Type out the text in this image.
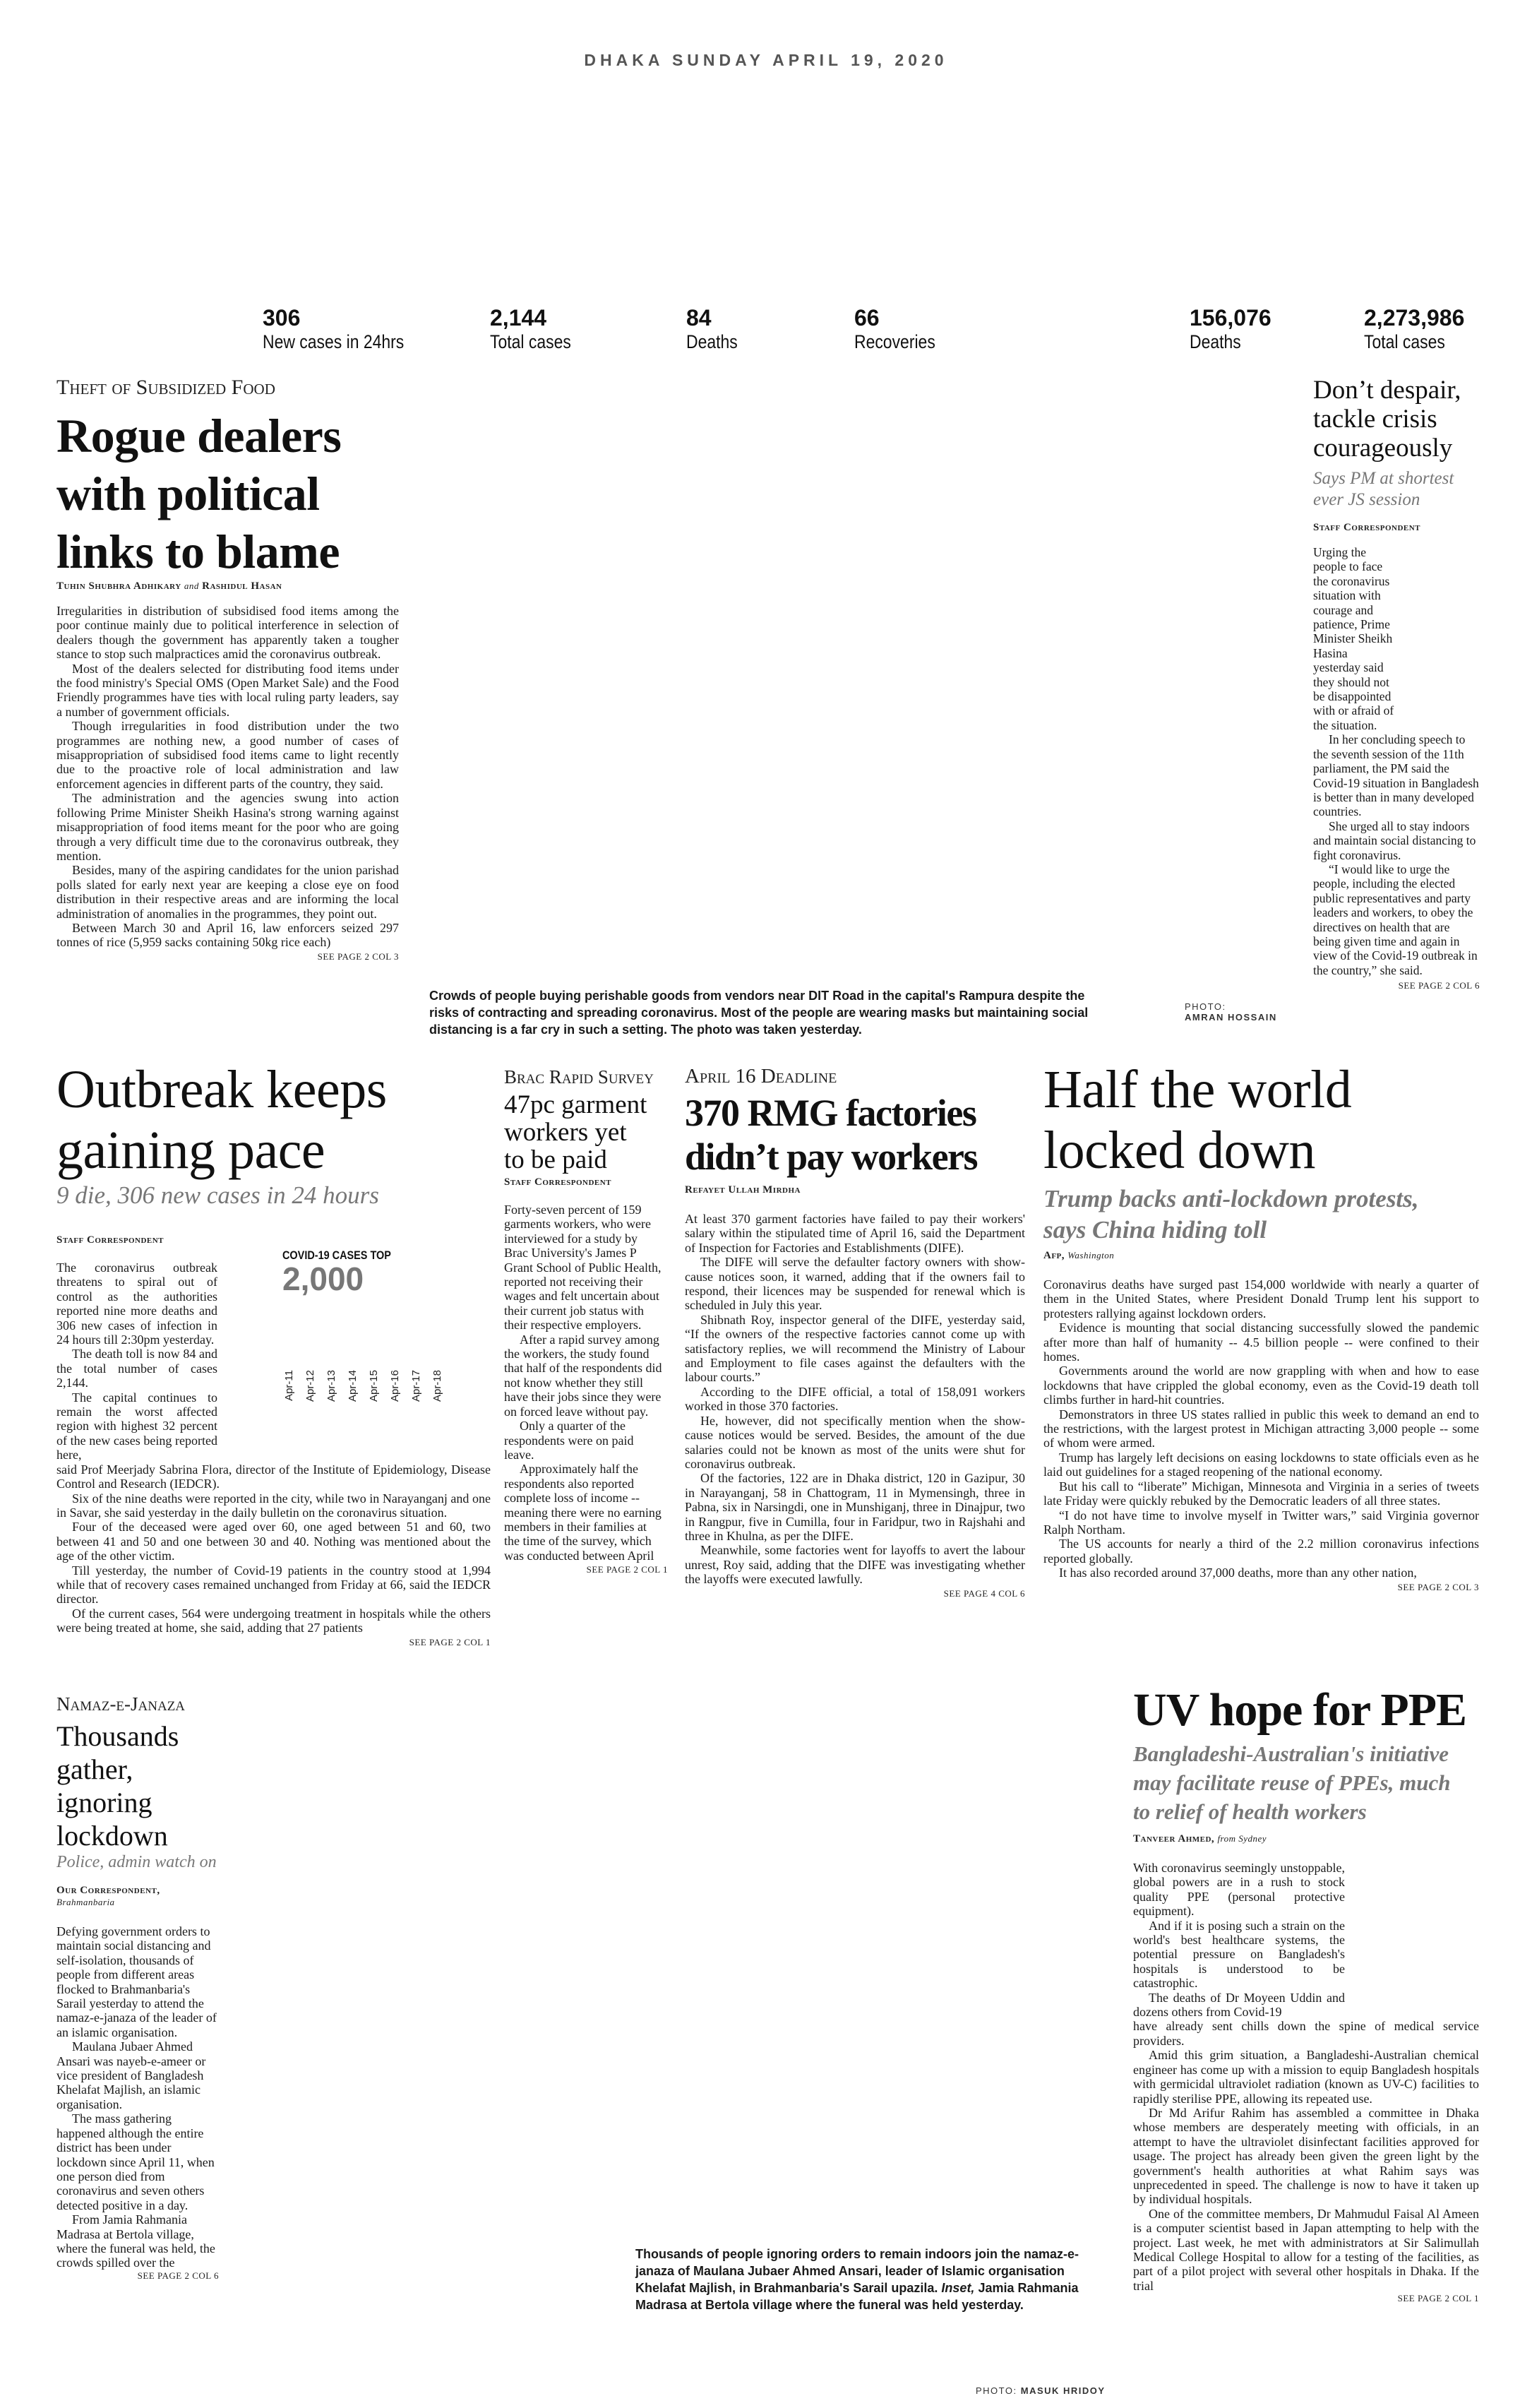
DHAKA SUNDAY APRIL 19, 2020
306
New cases in 24hrs
2,144
Total cases
84
Deaths
66
Recoveries
156,076
Deaths
2,273,986
Total cases
Theft of Subsidized Food
Rogue dealers
with political
links to blame
Tuhin Shubhra Adhikary and Rashidul Hasan

Irregularities in distribution of subsidised food items among the poor continue mainly due to political interference in selection of dealers though the government has apparently taken a tougher stance to stop such malpractices amid the coronavirus outbreak.

Most of the dealers selected for distributing food items under the food ministry's Special OMS (Open Market Sale) and the Food Friendly programmes have ties with local ruling party leaders, say a number of government officials.

Though irregularities in food distribution under the two programmes are nothing new, a good number of cases of misappropriation of subsidised food items came to light recently due to the proactive role of local administration and law enforcement agencies in different parts of the country, they said.

The administration and the agencies swung into action following Prime Minister Sheikh Hasina's strong warning against misappropriation of food items meant for the poor who are going through a very difficult time due to the coronavirus outbreak, they mention.

Besides, many of the aspiring candidates for the union parishad polls slated for early next year are keeping a close eye on food distribution in their respective areas and are informing the local administration of anomalies in the programmes, they point out.

Between March 30 and April 16, law enforcers seized 297 tonnes of rice (5,959 sacks containing 50kg rice each)

SEE PAGE 2 COL 3
Crowds of people buying perishable goods from vendors near DIT Road in the capital's Rampura despite the risks of contracting and spreading coronavirus. Most of the people are wearing masks but maintaining social distancing is a far cry in such a setting. The photo was taken yesterday.
PHOTO:
AMRAN HOSSAIN
Don’t despair,
tackle crisis
courageously
Says PM at shortest
ever JS session
Staff Correspondent

Urging the people to face the coronavirus situation with courage and patience, Prime Minister Sheikh Hasina yesterday said they should not be disappointed with or afraid of the situation.

In her concluding speech to the seventh session of the 11th parliament, the PM said the Covid-19 situation in Bangladesh is better than in many developed countries.

She urged all to stay indoors and maintain social distancing to fight coronavirus.

“I would like to urge the people, including the elected public representatives and party leaders and workers, to obey the directives on health that are being given time and again in view of the Covid-19 outbreak in the country,” she said.

SEE PAGE 2 COL 6
Outbreak keeps
gaining pace
9 die, 306 new cases in 24 hours
Staff Correspondent

The coronavirus outbreak threatens to spiral out of control as the authorities reported nine more deaths and 306 new cases of infection in 24 hours till 2:30pm yesterday.

The death toll is now 84 and the total number of cases 2,144.

The capital continues to remain the worst affected region with highest 32 percent of the new cases being reported here,

said Prof Meerjady Sabrina Flora, director of the Institute of Epidemiology, Disease Control and Research (IEDCR).

Six of the nine deaths were reported in the city, while two in Narayanganj and one in Savar, she said yesterday in the daily bulletin on the coronavirus situation.

Four of the deceased were aged over 60, one aged between 51 and 60, two between 41 and 50 and one between 30 and 40. Nothing was mentioned about the age of the other victim.

Till yesterday, the number of Covid-19 patients in the country stood at 1,994 while that of recovery cases remained unchanged from Friday at 66, said the IEDCR director.

Of the current cases, 564 were undergoing treatment in hospitals while the others were being treated at home, she said, adding that 27 patients

SEE PAGE 2 COL 1
COVID-19 CASES TOP
2,000
Apr-11 Apr-12 Apr-13 Apr-14 Apr-15 Apr-16 Apr-17 Apr-18
Brac Rapid Survey
47pc garment
workers yet
to be paid
Staff Correspondent

Forty-seven percent of 159 garments workers, who were interviewed for a study by Brac University's James P Grant School of Public Health, reported not receiving their wages and felt uncertain about their current job status with their respective employers.

After a rapid survey among the workers, the study found that half of the respondents did not know whether they still have their jobs since they were on forced leave without pay.

Only a quarter of the respondents were on paid leave.

Approximately half the respondents also reported complete loss of income -- meaning there were no earning members in their families at the time of the survey, which was conducted between April

SEE PAGE 2 COL 1
April 16 Deadline
370 RMG factories
didn’t pay workers
Refayet Ullah Mirdha

At least 370 garment factories have failed to pay their workers' salary within the stipulated time of April 16, said the Department of Inspection for Factories and Establishments (DIFE).

The DIFE will serve the defaulter factory owners with show-cause notices soon, it warned, adding that if the owners fail to respond, their licences may be suspended for renewal which is scheduled in July this year.

Shibnath Roy, inspector general of the DIFE, yesterday said, “If the owners of the respective factories cannot come up with satisfactory replies, we will recommend the Ministry of Labour and Employment to file cases against the defaulters with the labour courts.”

According to the DIFE official, a total of 158,091 workers worked in those 370 factories.

He, however, did not specifically mention when the show-cause notices would be served. Besides, the amount of the due salaries could not be known as most of the units were shut for coronavirus outbreak.

Of the factories, 122 are in Dhaka district, 120 in Gazipur, 30 in Narayanganj, 58 in Chattogram, 11 in Mymensingh, three in Pabna, six in Narsingdi, one in Munshiganj, three in Dinajpur, two in Rangpur, five in Cumilla, four in Faridpur, two in Rajshahi and three in Khulna, as per the DIFE.

Meanwhile, some factories went for layoffs to avert the labour unrest, Roy said, adding that the DIFE was investigating whether the layoffs were executed lawfully.

SEE PAGE 4 COL 6
Half the world
locked down
Trump backs anti-lockdown protests,
says China hiding toll
Afp, Washington

Coronavirus deaths have surged past 154,000 worldwide with nearly a quarter of them in the United States, where President Donald Trump lent his support to protesters rallying against lockdown orders.

Evidence is mounting that social distancing successfully slowed the pandemic after more than half of humanity -- 4.5 billion people -- were confined to their homes.

Governments around the world are now grappling with when and how to ease lockdowns that have crippled the global economy, even as the Covid-19 death toll climbs further in hard-hit countries.

Demonstrators in three US states rallied in public this week to demand an end to the restrictions, with the largest protest in Michigan attracting 3,000 people -- some of whom were armed.

Trump has largely left decisions on easing lockdowns to state officials even as he laid out guidelines for a staged reopening of the national economy.

But his call to “liberate” Michigan, Minnesota and Virginia in a series of tweets late Friday were quickly rebuked by the Democratic leaders of all three states.

“I do not have time to involve myself in Twitter wars,” said Virginia governor Ralph Northam.

The US accounts for nearly a third of the 2.2 million coronavirus infections reported globally.

It has also recorded around 37,000 deaths, more than any other nation,

SEE PAGE 2 COL 3
Namaz-e-Janaza
Thousands
gather,
ignoring
lockdown
Police, admin watch on
Our Correspondent,
Brahmanbaria

Defying government orders to maintain social distancing and self-isolation, thousands of people from different areas flocked to Brahmanbaria's Sarail yesterday to attend the namaz-e-janaza of the leader of an islamic organisation.

Maulana Jubaer Ahmed Ansari was nayeb-e-ameer or vice president of Bangladesh Khelafat Majlish, an islamic organisation.

The mass gathering happened although the entire district has been under lockdown since April 11, when one person died from coronavirus and seven others detected positive in a day.

From Jamia Rahmania Madrasa at Bertola village, where the funeral was held, the crowds spilled over the

SEE PAGE 2 COL 6
Thousands of people ignoring orders to remain indoors join the namaz-e-janaza of Maulana Jubaer Ahmed Ansari, leader of Islamic organisation Khelafat Majlish, in Brahmanbaria's Sarail upazila. Inset, Jamia Rahmania Madrasa at Bertola village where the funeral was held yesterday.
PHOTO: MASUK HRIDOY
UV hope for PPE
Bangladeshi-Australian's initiative
may facilitate reuse of PPEs, much
to relief of health workers
Tanveer Ahmed, from Sydney

With coronavirus seemingly unstoppable, global powers are in a rush to stock quality PPE (personal protective equipment).

And if it is posing such a strain on the world's best healthcare systems, the potential pressure on Bangladesh's hospitals is understood to be catastrophic.

The deaths of Dr Moyeen Uddin and dozens others from Covid-19

have already sent chills down the spine of medical service providers.

Amid this grim situation, a Bangladeshi-Australian chemical engineer has come up with a mission to equip Bangladesh hospitals with germicidal ultraviolet radiation (known as UV-C) facilities to rapidly sterilise PPE, allowing its repeated use.

Dr Md Arifur Rahim has assembled a committee in Dhaka whose members are desperately meeting with officials, in an attempt to have the ultraviolet disinfectant facilities approved for usage. The project has already been given the green light by the government's health authorities at what Rahim says was unprecedented in speed. The challenge is now to have it taken up by individual hospitals.

One of the committee members, Dr Mahmudul Faisal Al Ameen is a computer scientist based in Japan attempting to help with the project. Last week, he met with administrators at Sir Salimullah Medical College Hospital to allow for a testing of the facilities, as part of a pilot project with several other hospitals in Dhaka. If the trial

SEE PAGE 2 COL 1
